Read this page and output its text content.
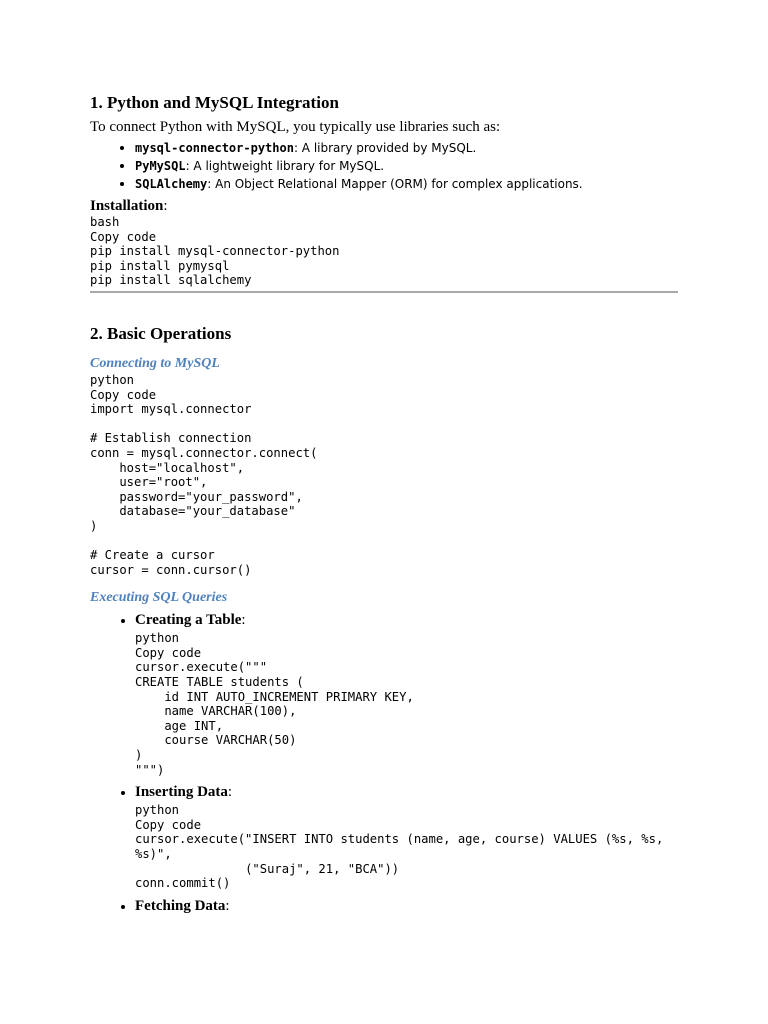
1. Python and MySQL Integration

To connect Python with MySQL, you typically use libraries such as:

• mysql-connector-python: A library provided by MySQL.
• PyMySQL: A lightweight library for MySQL.
• SQLAlchemy: An Object Relational Mapper (ORM) for complex applications.
Installation:
bash
Copy code
pip install mysql-connector-python
pip install pymysql
pip install sqlalchemy
2. Basic Operations
Connecting to MySQL
python
Copy code
import mysql.connector

# Establish connection
conn = mysql.connector.connect(
host="localhost",
user="root",
password="your_password",
database="your_database"
)

# Create a cursor
cursor = conn.cursor()
Executing SQL Queries
• Creating a Table:
python
Copy code
cursor.execute("""
CREATE TABLE students (
id INT AUTO_INCREMENT PRIMARY KEY,
name VARCHAR(100),
age INT,
course VARCHAR(50)
)
""")
• Inserting Data:
python
Copy code
cursor.execute("INSERT INTO students (name, age, course) VALUES (%s, %s, %s)",
("Suraj", 21, "BCA"))
conn.commit()
• Fetching Data:
